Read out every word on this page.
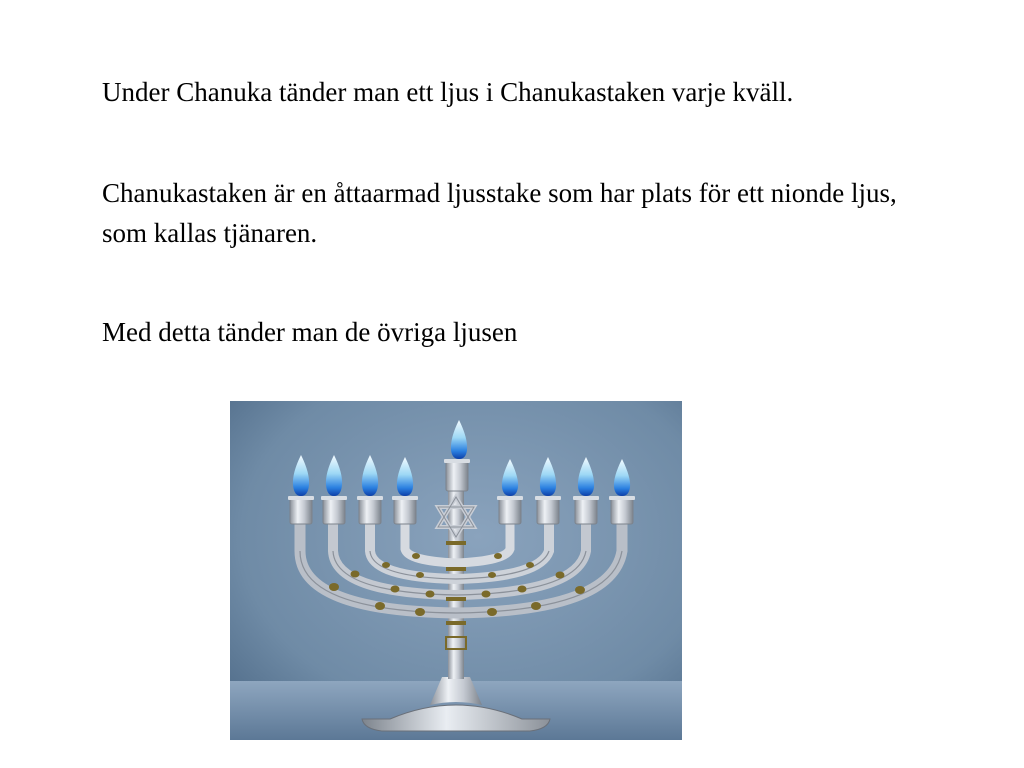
Under Chanuka tänder man ett ljus i Chanukastaken varje kväll.

Chanukastaken är en åttaarmad ljusstake som har plats för ett nionde ljus, som kallas tjänaren.

Med detta tänder man de övriga ljusen
